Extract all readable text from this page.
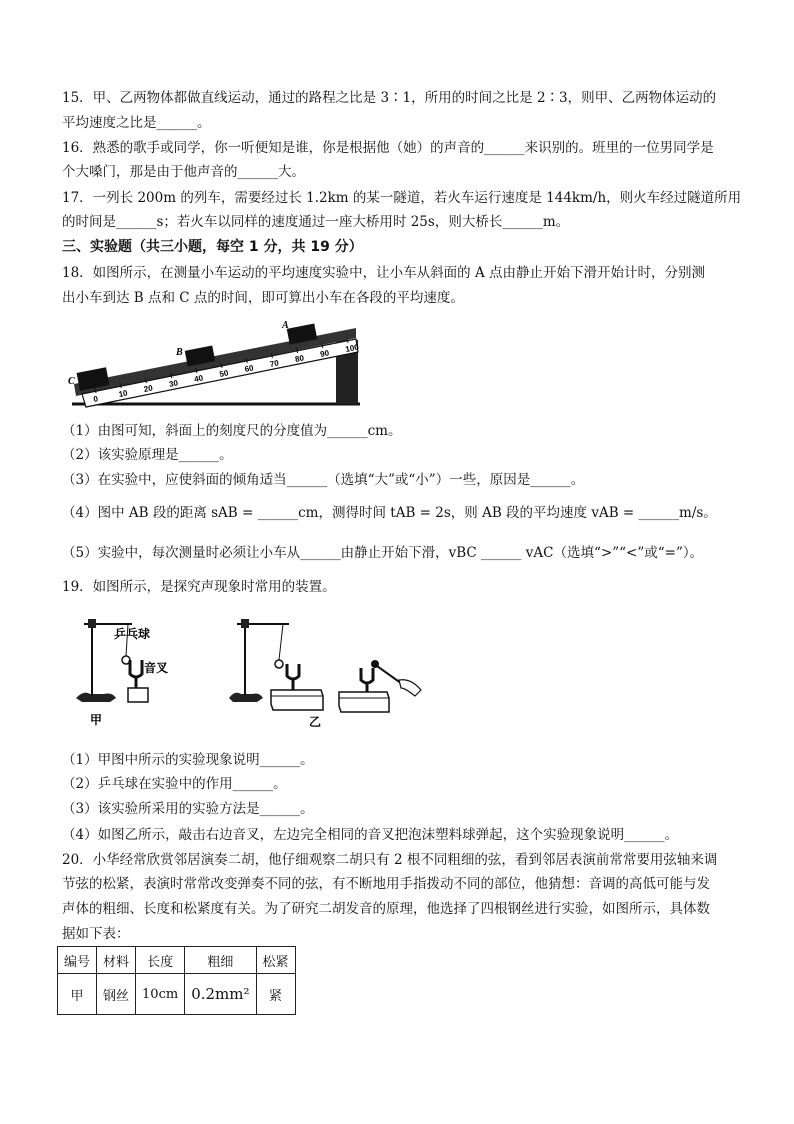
15．甲、乙两物体都做直线运动，通过的路程之比是 3∶1，所用的时间之比是 2∶3，则甲、乙两物体运动的
平均速度之比是______。
16．熟悉的歌手或同学，你一听便知是谁，你是根据他（她）的声音的______来识别的。班里的一位男同学是
个大嗓门，那是由于他声音的______大。
17．一列长 200m 的列车，需要经过长 1.2km 的某一隧道，若火车运行速度是 144km/h，则火车经过隧道所用
的时间是______s；若火车以同样的速度通过一座大桥用时 25s，则大桥长______m。
三、实验题（共三小题，每空 1 分，共 19 分）
18．如图所示，在测量小车运动的平均速度实验中，让小车从斜面的 A 点由静止开始下滑开始计时，分别测
出小车到达 B 点和 C 点的时间，即可算出小车在各段的平均速度。
0
10 20 30 40 50 60 70 80 90 100
C
B
A
（1）由图可知，斜面上的刻度尺的分度值为______cm。
（2）该实验原理是______。
（3）在实验中，应使斜面的倾角适当______（选填“大”或“小”）一些，原因是______。
（4）图中 AB 段的距离 sAB = ______cm，测得时间 tAB = 2s，则 AB 段的平均速度 vAB = ______m/s。
（5）实验中，每次测量时必须让小车从______由静止开始下滑，vBC ______ vAC（选填“>”“<”或“=”）。
19．如图所示，是探究声现象时常用的装置。
乒乓球
音叉
甲	乙
（1）甲图中所示的实验现象说明______。
（2）乒乓球在实验中的作用______。
（3）该实验所采用的实验方法是______。
（4）如图乙所示，敲击右边音叉，左边完全相同的音叉把泡沫塑料球弹起，这个实验现象说明______。
20．小华经常欣赏邻居演奏二胡，他仔细观察二胡只有 2 根不同粗细的弦，看到邻居表演前常常要用弦轴来调
节弦的松紧，表演时常常改变弹奏不同的弦，有不断地用手指拨动不同的部位，他猜想：音调的高低可能与发
声体的粗细、长度和松紧度有关。为了研究二胡发音的原理，他选择了四根钢丝进行实验，如图所示，具体数
据如下表：
编号	材料	长度	粗细	松紧
甲	钢丝	10cm	0.2mm²	紧
